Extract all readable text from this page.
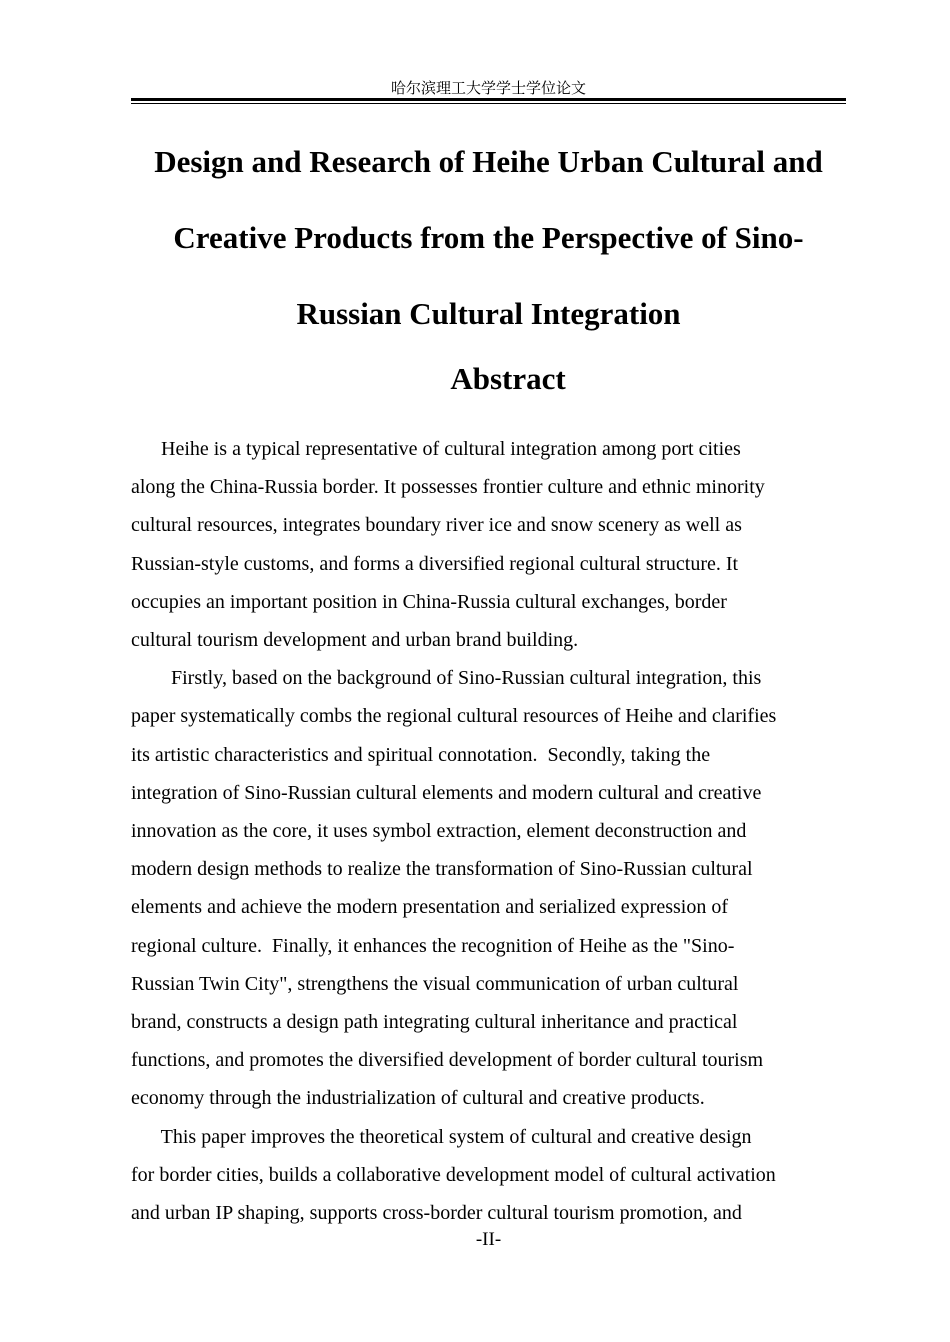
哈尔滨理工大学学士学位论文
Design and Research of Heihe Urban Cultural and
Creative Products from the Perspective of Sino-
Russian Cultural Integration
Abstract
Heihe is a typical representative of cultural integration among port cities
along the China-Russia border. It possesses frontier culture and ethnic minority
cultural resources, integrates boundary river ice and snow scenery as well as
Russian-style customs, and forms a diversified regional cultural structure. It
occupies an important position in China-Russia cultural exchanges, border
cultural tourism development and urban brand building.
Firstly, based on the background of Sino-Russian cultural integration, this
paper systematically combs the regional cultural resources of Heihe and clarifies
its artistic characteristics and spiritual connotation.  Secondly, taking the
integration of Sino-Russian cultural elements and modern cultural and creative
innovation as the core, it uses symbol extraction, element deconstruction and
modern design methods to realize the transformation of Sino-Russian cultural
elements and achieve the modern presentation and serialized expression of
regional culture.  Finally, it enhances the recognition of Heihe as the "Sino-
Russian Twin City", strengthens the visual communication of urban cultural
brand, constructs a design path integrating cultural inheritance and practical
functions, and promotes the diversified development of border cultural tourism
economy through the industrialization of cultural and creative products.
This paper improves the theoretical system of cultural and creative design
for border cities, builds a collaborative development model of cultural activation
and urban IP shaping, supports cross-border cultural tourism promotion, and
-II-
